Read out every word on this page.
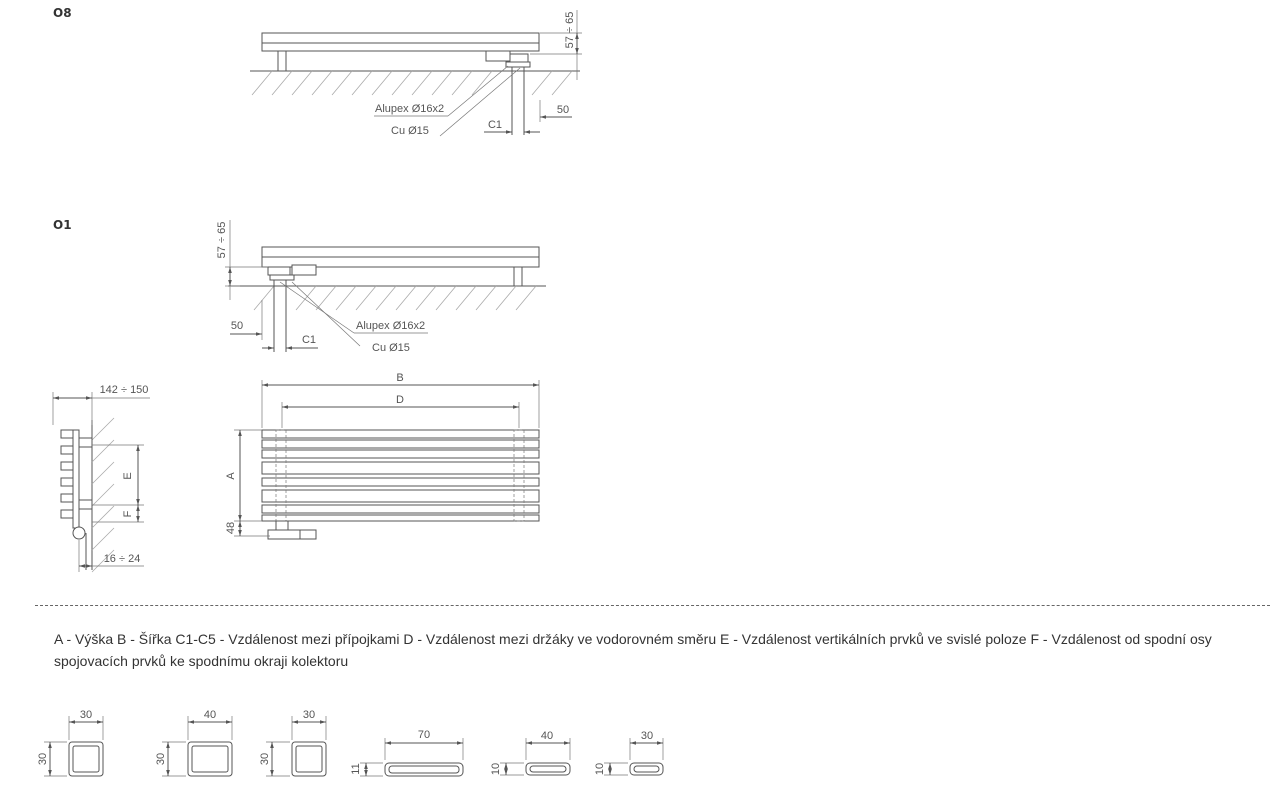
O8	57 ÷ 65
50
C1
Alupex Ø16x2
Cu Ø15
O1	57 ÷ 65
50
C1
Alupex Ø16x2
Cu Ø15
142 ÷ 150
E
F
16 ÷ 24
B
D
A
48
30
30
40
30
30
30
70
11
40
10
30
10
A - Výška B - Šířka C1-C5 - Vzdálenost mezi přípojkami D - Vzdálenost mezi držáky ve vodorovném směru E - Vzdálenost vertikálních prvků ve svislé poloze F - Vzdálenost od spodní osy spojovacích prvků ke spodnímu okraji kolektoru
